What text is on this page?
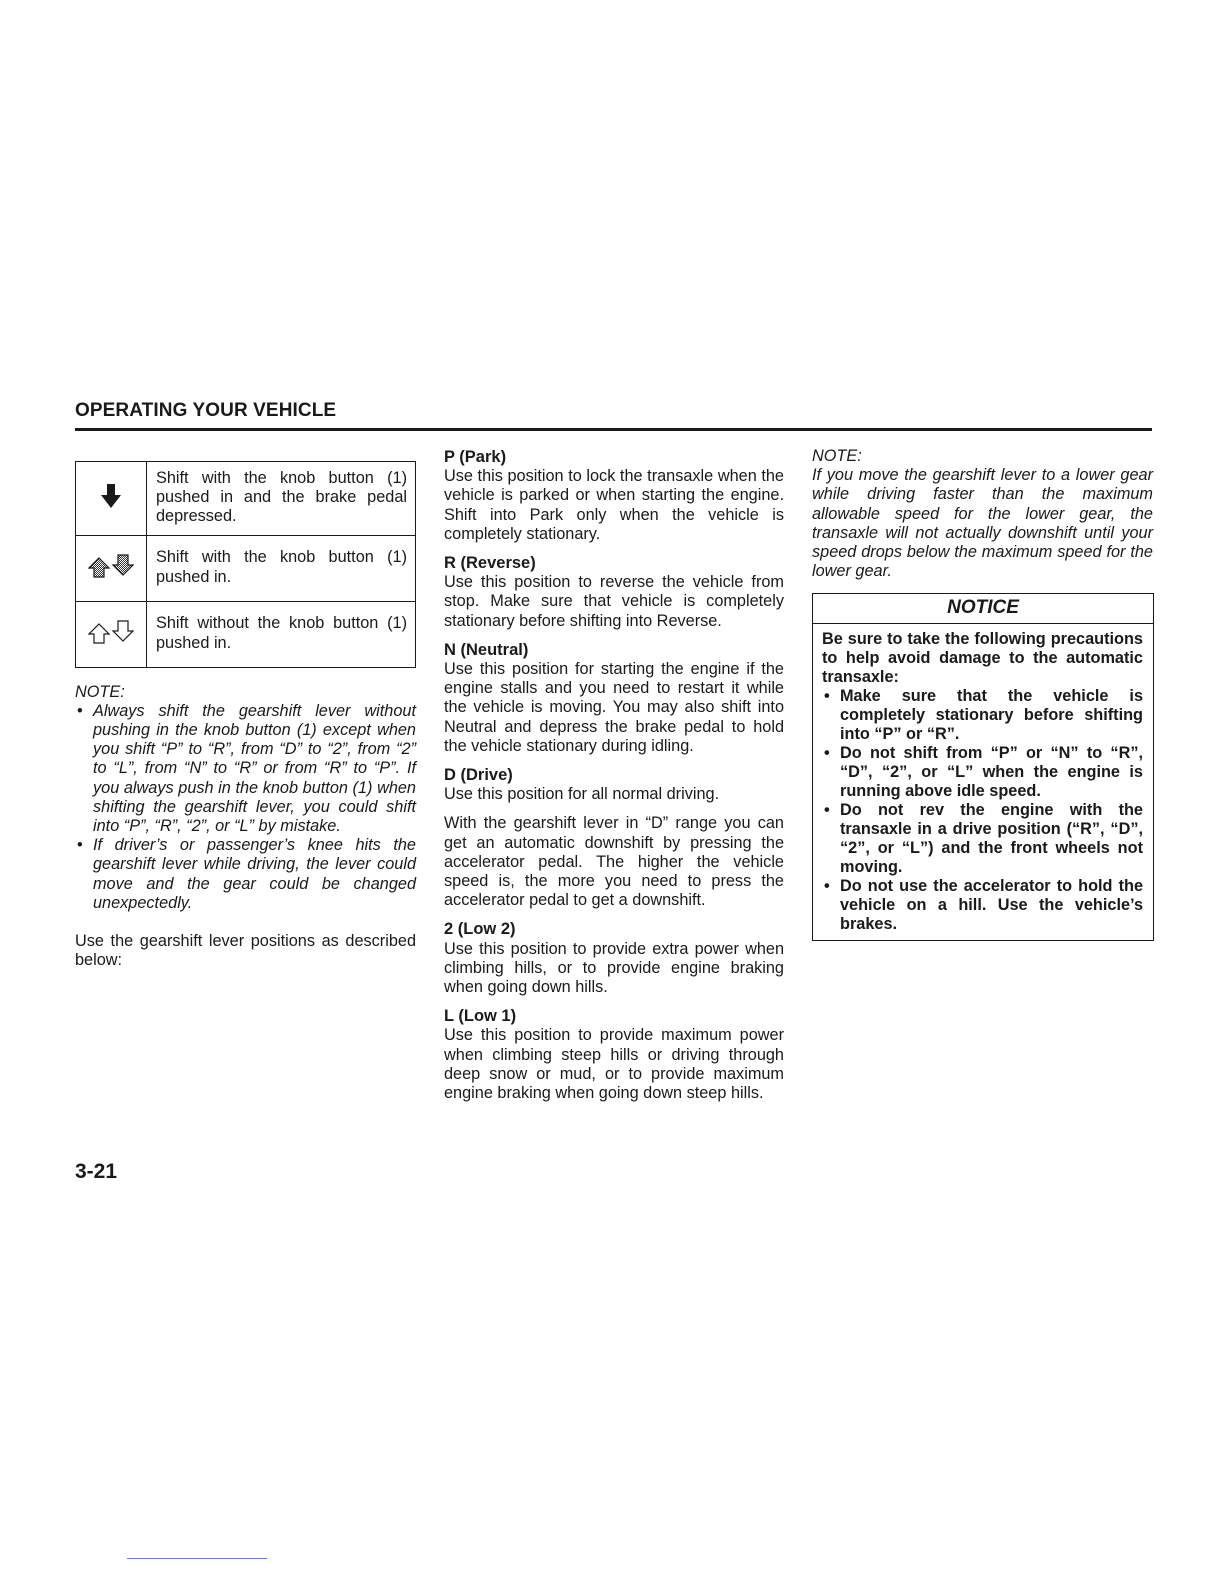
OPERATING YOUR VEHICLE
	Shift with the knob button (1) pushed in and the brake pedal depressed.
	Shift with the knob button (1) pushed in.
	Shift without the knob button (1) pushed in.
NOTE:
• Always shift the gearshift lever without pushing in the knob button (1) except when you shift “P” to “R”, from “D” to “2”, from “2” to “L”, from “N” to “R” or from “R” to “P”. If you always push in the knob button (1) when shifting the gearshift lever, you could shift into “P”, “R”, “2”, or “L” by mistake.
• If driver’s or passenger’s knee hits the gearshift lever while driving, the lever could move and the gear could be changed unexpectedly.
Use the gearshift lever positions as described below:
P (Park)
Use this position to lock the transaxle when the vehicle is parked or when starting the engine. Shift into Park only when the vehicle is completely stationary.
R (Reverse)
Use this position to reverse the vehicle from stop. Make sure that vehicle is completely stationary before shifting into Reverse.
N (Neutral)
Use this position for starting the engine if the engine stalls and you need to restart it while the vehicle is moving. You may also shift into Neutral and depress the brake pedal to hold the vehicle stationary during idling.
D (Drive)
Use this position for all normal driving.
With the gearshift lever in “D” range you can get an automatic downshift by pressing the accelerator pedal. The higher the vehicle speed is, the more you need to press the accelerator pedal to get a downshift.
2 (Low 2)
Use this position to provide extra power when climbing hills, or to provide engine braking when going down hills.
L (Low 1)
Use this position to provide maximum power when climbing steep hills or driving through deep snow or mud, or to provide maximum engine braking when going down steep hills.
NOTE:
If you move the gearshift lever to a lower gear while driving faster than the maximum allowable speed for the lower gear, the transaxle will not actually downshift until your speed drops below the maximum speed for the lower gear.
NOTICE

Be sure to take the following precautions to help avoid damage to the automatic transaxle:

• Make sure that the vehicle is completely stationary before shifting into “P” or “R”.
• Do not shift from “P” or “N” to “R”, “D”, “2”, or “L” when the engine is running above idle speed.
• Do not rev the engine with the transaxle in a drive position (“R”, “D”, “2”, or “L”) and the front wheels not moving.
• Do not use the accelerator to hold the vehicle on a hill. Use the vehicle’s brakes.
3-21
